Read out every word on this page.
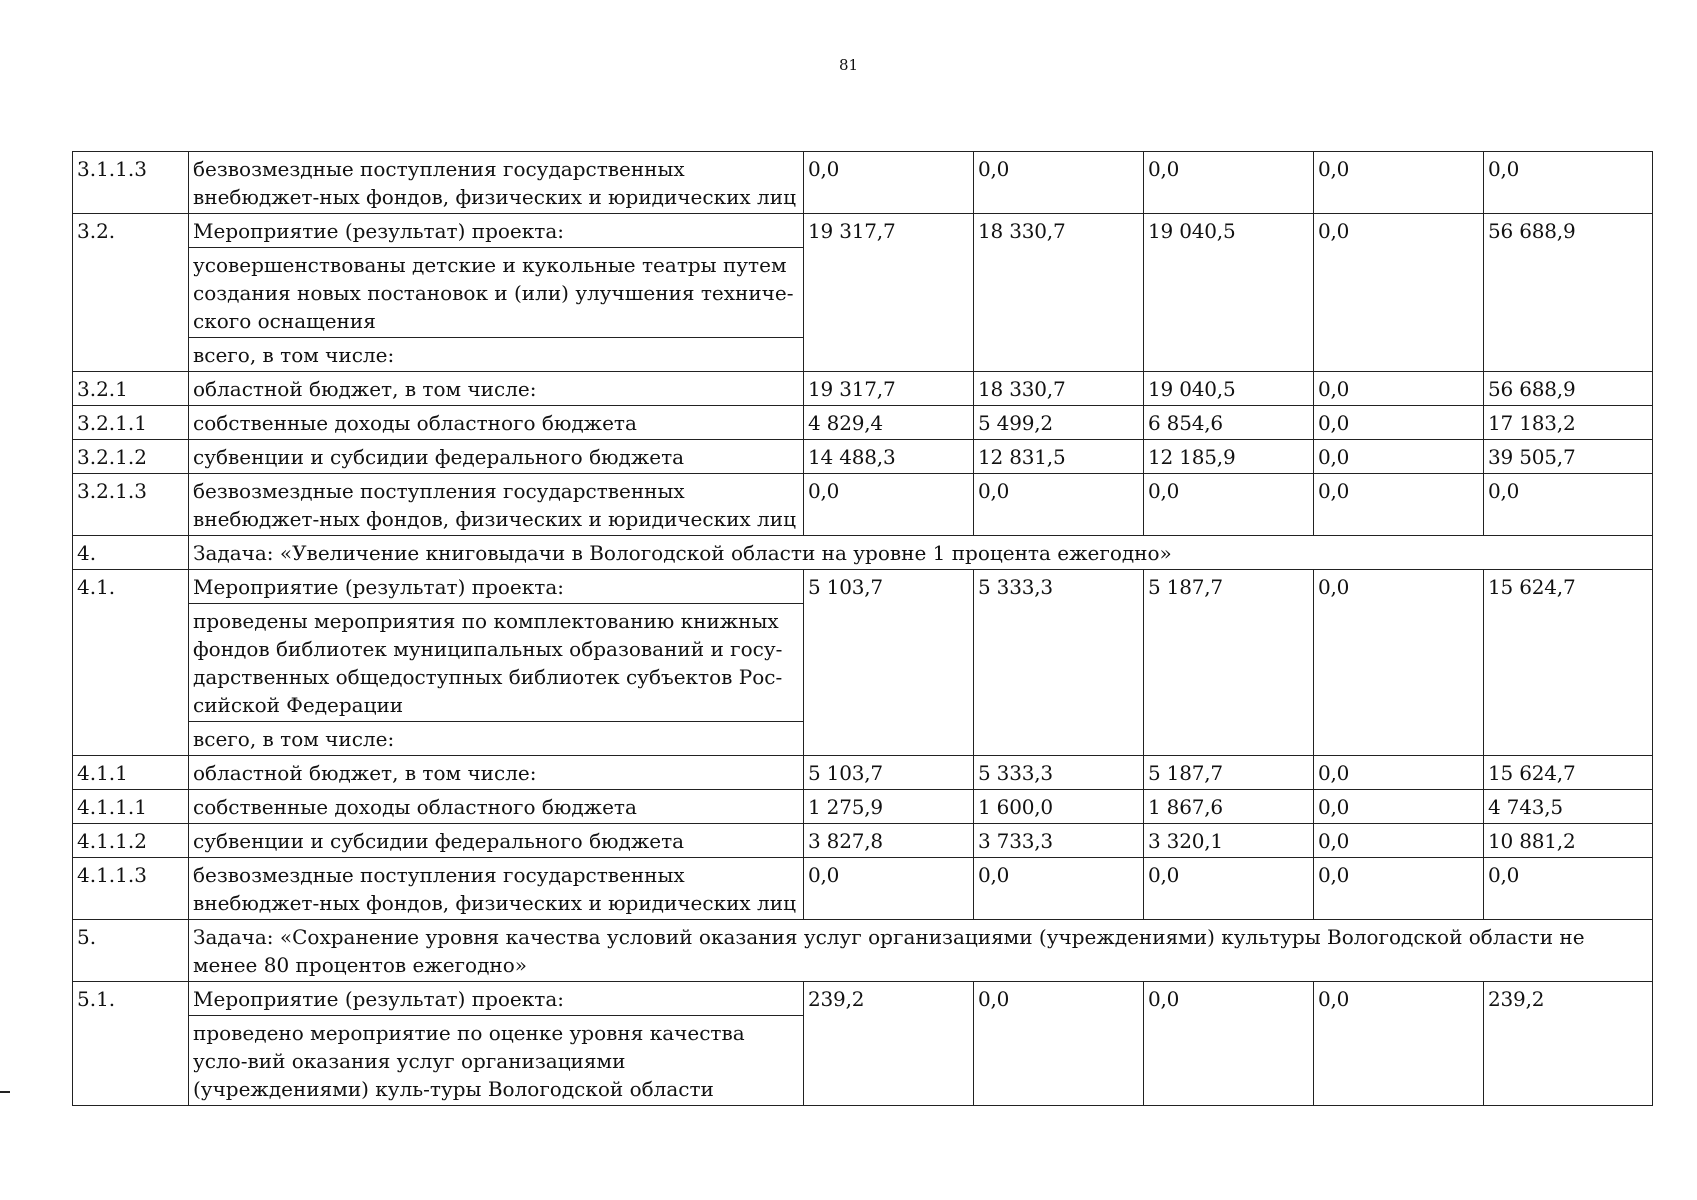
81
3.1.1.3	безвозмездные поступления государственных внебюджет-ных фондов, физических и юридических лиц	0,0	0,0	0,0	0,0	0,0
3.2.	Мероприятие (результат) проекта:	19 317,7	18 330,7	19 040,5	0,0	56 688,9
	усовершенствованы детские и кукольные театры путем создания новых постановок и (или) улучшения техниче-ского оснащения					
	всего, в том числе:					
3.2.1	областной бюджет, в том числе:	19 317,7	18 330,7	19 040,5	0,0	56 688,9
3.2.1.1	собственные доходы областного бюджета	4 829,4	5 499,2	6 854,6	0,0	17 183,2
3.2.1.2	субвенции и субсидии федерального бюджета	14 488,3	12 831,5	12 185,9	0,0	39 505,7
3.2.1.3	безвозмездные поступления государственных внебюджет-ных фондов, физических и юридических лиц	0,0	0,0	0,0	0,0	0,0
4.	Задача: «Увеличение книговыдачи в Вологодской области на уровне 1 процента ежегодно»					
4.1.	Мероприятие (результат) проекта:	5 103,7	5 333,3	5 187,7	0,0	15 624,7
	проведены мероприятия по комплектованию книжных фондов библиотек муниципальных образований и госу-дарственных общедоступных библиотек субъектов Рос-сийской Федерации					
	всего, в том числе:					
4.1.1	областной бюджет, в том числе:	5 103,7	5 333,3	5 187,7	0,0	15 624,7
4.1.1.1	собственные доходы областного бюджета	1 275,9	1 600,0	1 867,6	0,0	4 743,5
4.1.1.2	субвенции и субсидии федерального бюджета	3 827,8	3 733,3	3 320,1	0,0	10 881,2
4.1.1.3	безвозмездные поступления государственных внебюджет-ных фондов, физических и юридических лиц	0,0	0,0	0,0	0,0	0,0
5.	Задача: «Сохранение уровня качества условий оказания услуг организациями (учреждениями) культуры Вологодской области не менее 80 процентов ежегодно»					
5.1.	Мероприятие (результат) проекта:	239,2	0,0	0,0	0,0	239,2
	проведено мероприятие по оценке уровня качества усло-вий оказания услуг организациями (учреждениями) куль-туры Вологодской области					
